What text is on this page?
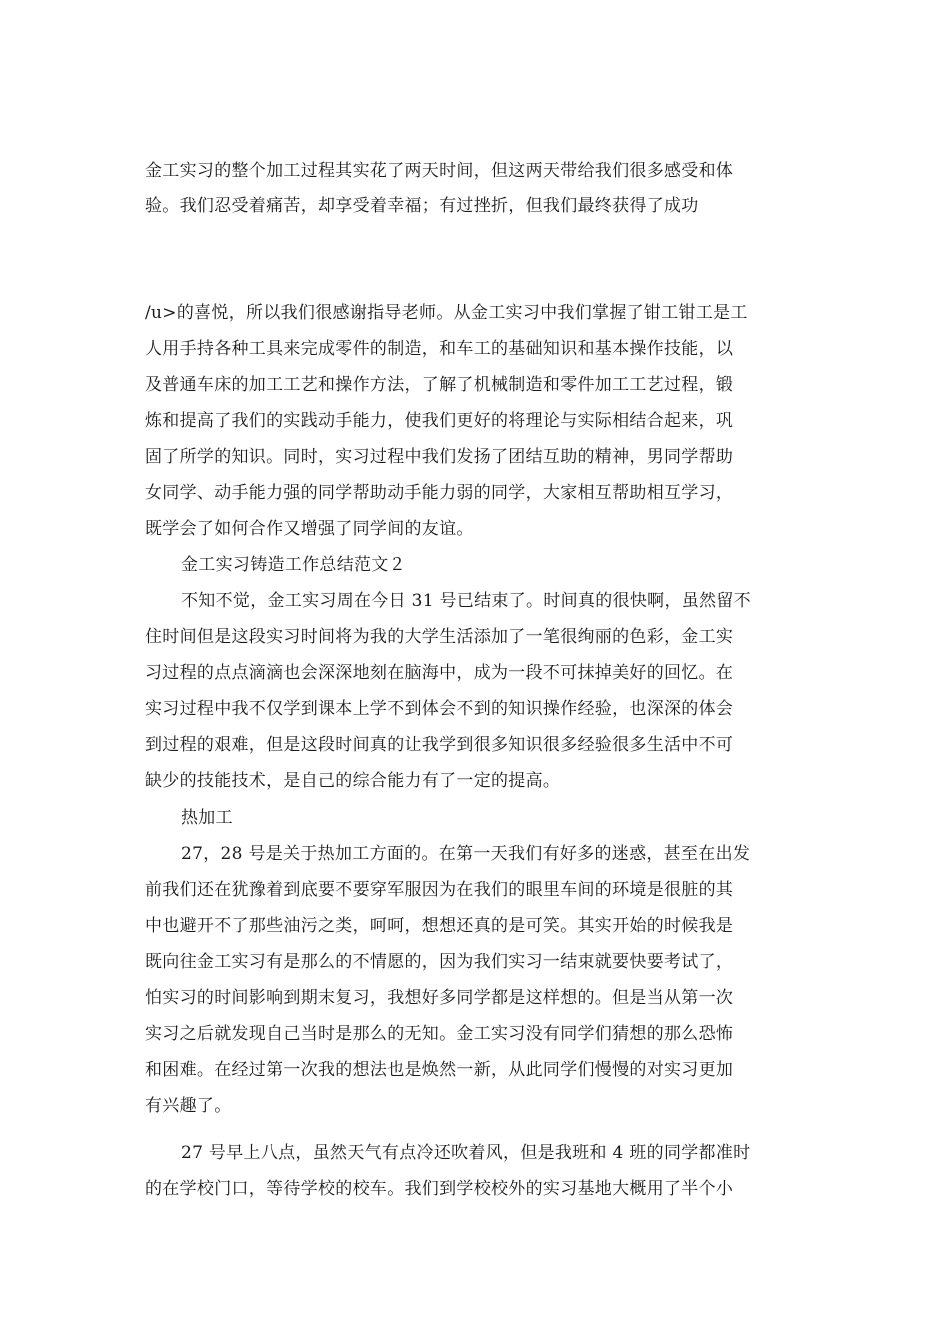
金工实习的整个加工过程其实花了两天时间，但这两天带给我们很多感受和体
验。我们忍受着痛苦，却享受着幸福；有过挫折，但我们最终获得了成功
/u>的喜悦，所以我们很感谢指导老师。从金工实习中我们掌握了钳工钳工是工
人用手持各种工具来完成零件的制造，和车工的基础知识和基本操作技能，以
及普通车床的加工工艺和操作方法，了解了机械制造和零件加工工艺过程，锻
炼和提高了我们的实践动手能力，使我们更好的将理论与实际相结合起来，巩
固了所学的知识。同时，实习过程中我们发扬了团结互助的精神，男同学帮助
女同学、动手能力强的同学帮助动手能力弱的同学，大家相互帮助相互学习，
既学会了如何合作又增强了同学间的友谊。
金工实习铸造工作总结范文２
不知不觉，金工实习周在今日 31 号已结束了。时间真的很快啊，虽然留不
住时间但是这段实习时间将为我的大学生活添加了一笔很绚丽的色彩，金工实
习过程的点点滴滴也会深深地刻在脑海中，成为一段不可抹掉美好的回忆。在
实习过程中我不仅学到课本上学不到体会不到的知识操作经验，也深深的体会
到过程的艰难，但是这段时间真的让我学到很多知识很多经验很多生活中不可
缺少的技能技术，是自己的综合能力有了一定的提高。
热加工
27，28 号是关于热加工方面的。在第一天我们有好多的迷惑，甚至在出发
前我们还在犹豫着到底要不要穿军服因为在我们的眼里车间的环境是很脏的其
中也避开不了那些油污之类，呵呵，想想还真的是可笑。其实开始的时候我是
既向往金工实习有是那么的不情愿的，因为我们实习一结束就要快要考试了，
怕实习的时间影响到期末复习，我想好多同学都是这样想的。但是当从第一次
实习之后就发现自己当时是那么的无知。金工实习没有同学们猜想的那么恐怖
和困难。在经过第一次我的想法也是焕然一新，从此同学们慢慢的对实习更加
有兴趣了。
27 号早上八点，虽然天气有点冷还吹着风，但是我班和 4 班的同学都准时
的在学校门口，等待学校的校车。我们到学校校外的实习基地大概用了半个小
